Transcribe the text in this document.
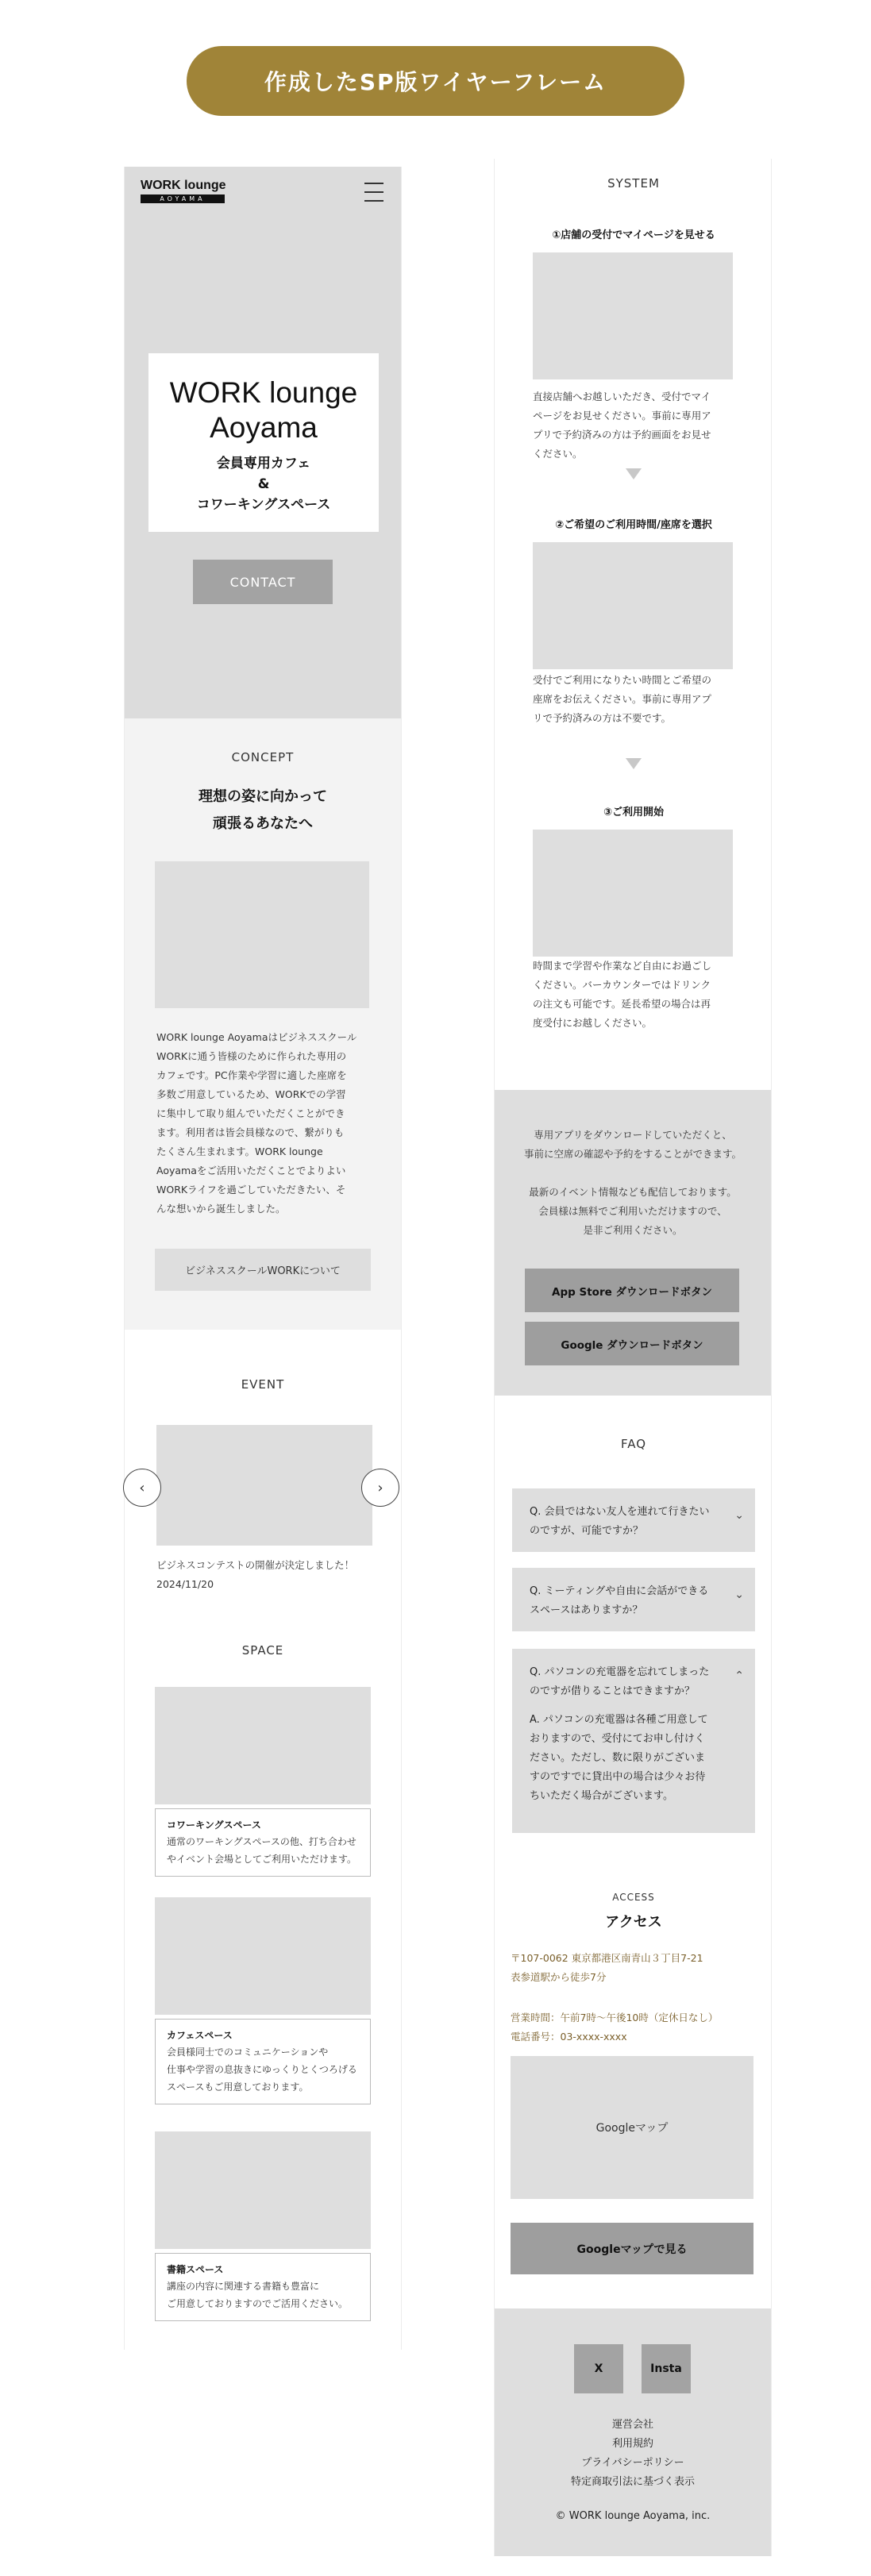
作成したSP版ワイヤーフレーム
WORK lounge
AOYAMA
WORK lounge
Aoyama
会員専用カフェ
&
コワーキングスペース
CONTACT
CONCEPT
理想の姿に向かって
頑張るあなたへ
WORK lounge Aoyamaはビジネススクール
WORKに通う皆様のために作られた専用の
カフェです。PC作業や学習に適した座席を
多数ご用意しているため、WORKでの学習
に集中して取り組んでいただくことができ
ます。利用者は皆会員様なので、繋がりも
たくさん生まれます。WORK lounge
Aoyamaをご活用いただくことでよりよい
WORKライフを過ごしていただきたい、そ
んな想いから誕生しました。
ビジネススクールWORKについて
EVENT
‹	›
ビジネスコンテストの開催が決定しました！
2024/11/20
SPACE
コワーキングスペース
通常のワーキングスペースの他、打ち合わせ
やイベント会場としてご利用いただけます。
カフェスペース
会員様同士でのコミュニケーションや
仕事や学習の息抜きにゆっくりとくつろげる
スペースもご用意しております。
書籍スペース
講座の内容に関連する書籍も豊富に
ご用意しておりますのでご活用ください。
SYSTEM
①店舗の受付でマイページを見せる
直接店舗へお越しいただき、受付でマイ
ページをお見せください。事前に専用ア
プリで予約済みの方は予約画面をお見せ
ください。
②ご希望のご利用時間/座席を選択
受付でご利用になりたい時間とご希望の
座席をお伝えください。事前に専用アプ
リで予約済みの方は不要です。
③ご利用開始
時間まで学習や作業など自由にお過ごし
ください。バーカウンターではドリンク
の注文も可能です。延長希望の場合は再
度受付にお越しください。
専用アプリをダウンロードしていただくと、
事前に空席の確認や予約をすることができます。
最新のイベント情報なども配信しております。
会員様は無料でご利用いただけますので、
是非ご利用ください。
App Store ダウンロードボタン
Google ダウンロードボタン
FAQ
Q. 会員ではない友人を連れて行きたい
のですが、可能ですか？
⌄
Q. ミーティングや自由に会話ができる
スペースはありますか？
⌄
Q. パソコンの充電器を忘れてしまった
のですが借りることはできますか？
⌃
A. パソコンの充電器は各種ご用意して
おりますので、受付にてお申し付けく
ださい。ただし、数に限りがございま
すのですでに貸出中の場合は少々お待
ちいただく場合がございます。
ACCESS
アクセス
〒107-0062 東京都港区南青山３丁目7-21
表参道駅から徒歩7分
営業時間：午前7時〜午後10時（定休日なし）
電話番号：03-xxxx-xxxx
Googleマップ
Googleマップで見る
X	Insta
運営会社
利用規約
プライバシーポリシー
特定商取引法に基づく表示
© WORK lounge Aoyama, inc.
